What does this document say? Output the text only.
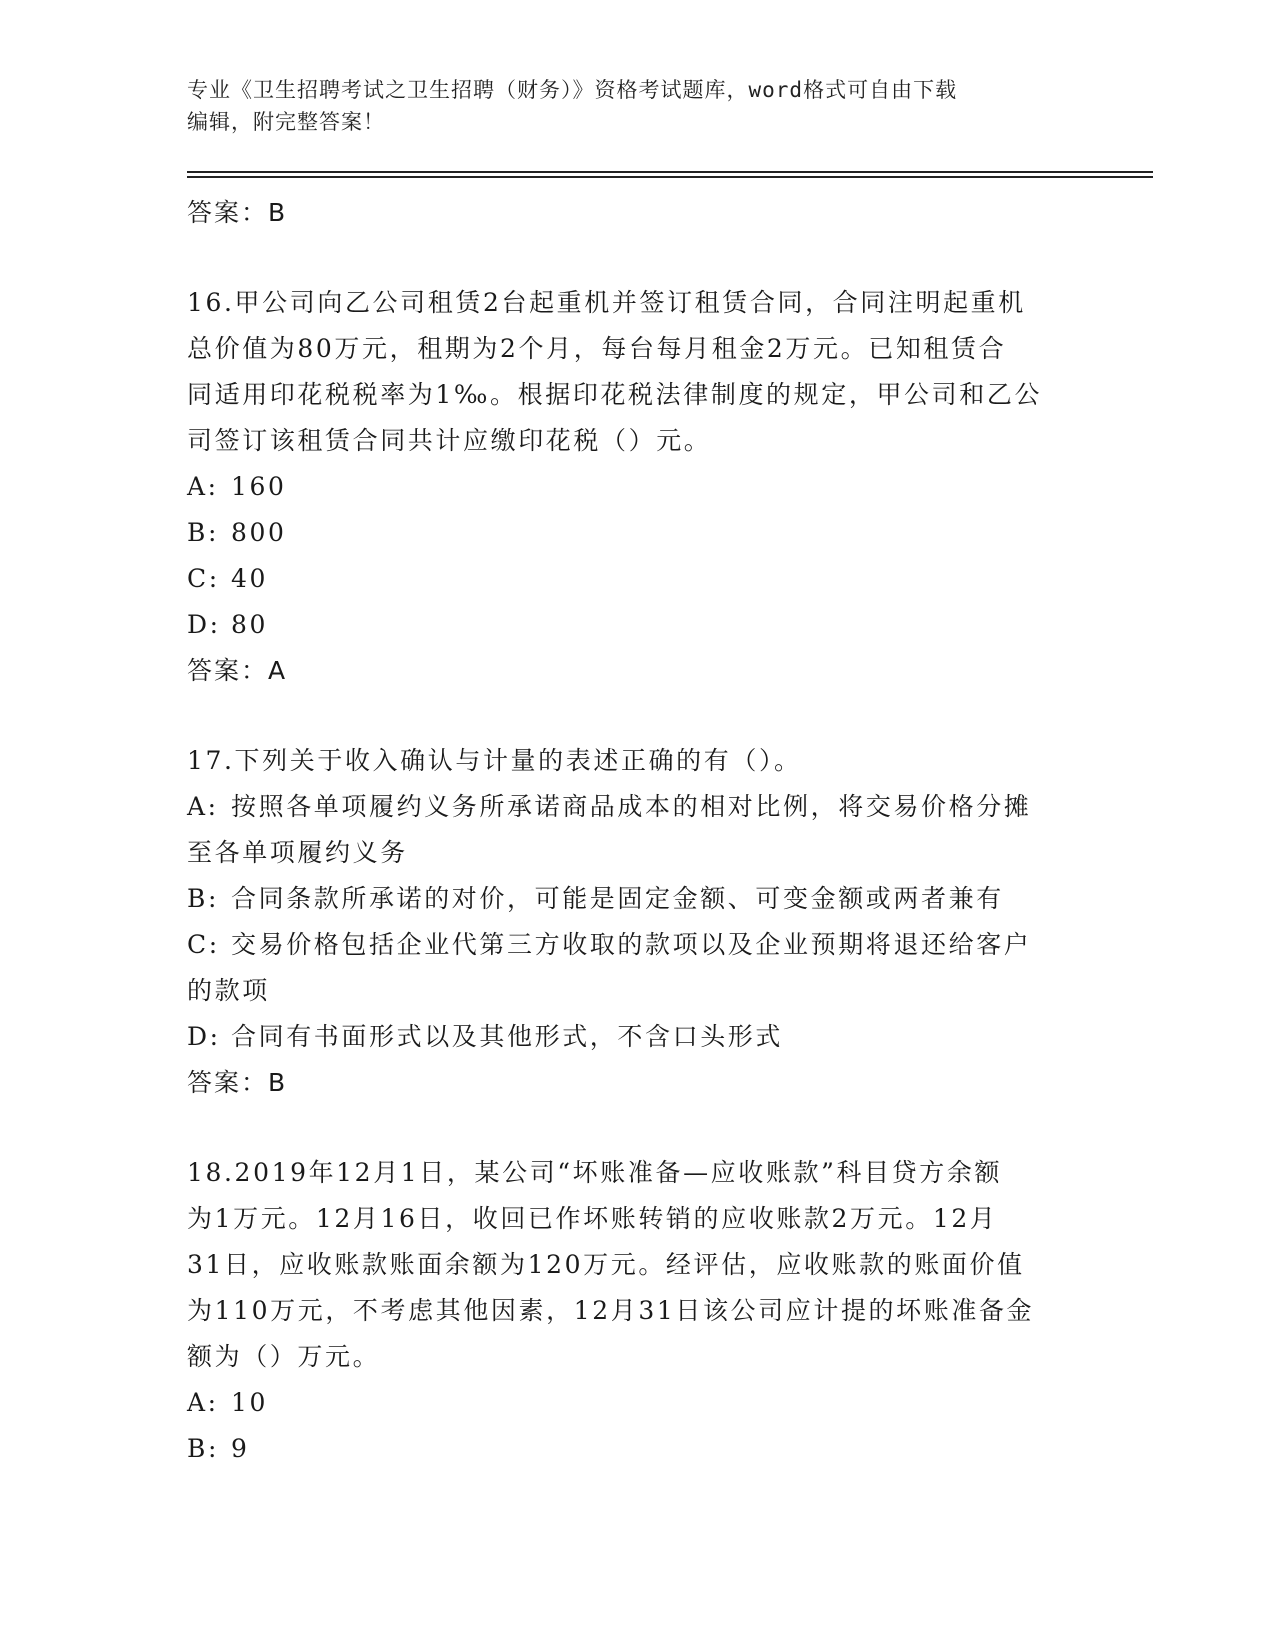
专业《卫生招聘考试之卫生招聘（财务）》资格考试题库，word格式可自由下载
编辑，附完整答案！
答案：B
16.甲公司向乙公司租赁2台起重机并签订租赁合同，合同注明起重机
总价值为80万元，租期为2个月，每台每月租金2万元。已知租赁合
同适用印花税税率为1‰。根据印花税法律制度的规定，甲公司和乙公
司签订该租赁合同共计应缴印花税（）元。
A: 160
B: 800
C: 40
D: 80
答案：A
17.下列关于收入确认与计量的表述正确的有（）。
A: 按照各单项履约义务所承诺商品成本的相对比例，将交易价格分摊
至各单项履约义务
B: 合同条款所承诺的对价，可能是固定金额、可变金额或两者兼有
C: 交易价格包括企业代第三方收取的款项以及企业预期将退还给客户
的款项
D: 合同有书面形式以及其他形式，不含口头形式
答案：B
18.2019年12月1日，某公司“坏账准备—应收账款”科目贷方余额
为1万元。12月16日，收回已作坏账转销的应收账款2万元。12月
31日，应收账款账面余额为120万元。经评估，应收账款的账面价值
为110万元，不考虑其他因素，12月31日该公司应计提的坏账准备金
额为（）万元。
A: 10
B: 9
